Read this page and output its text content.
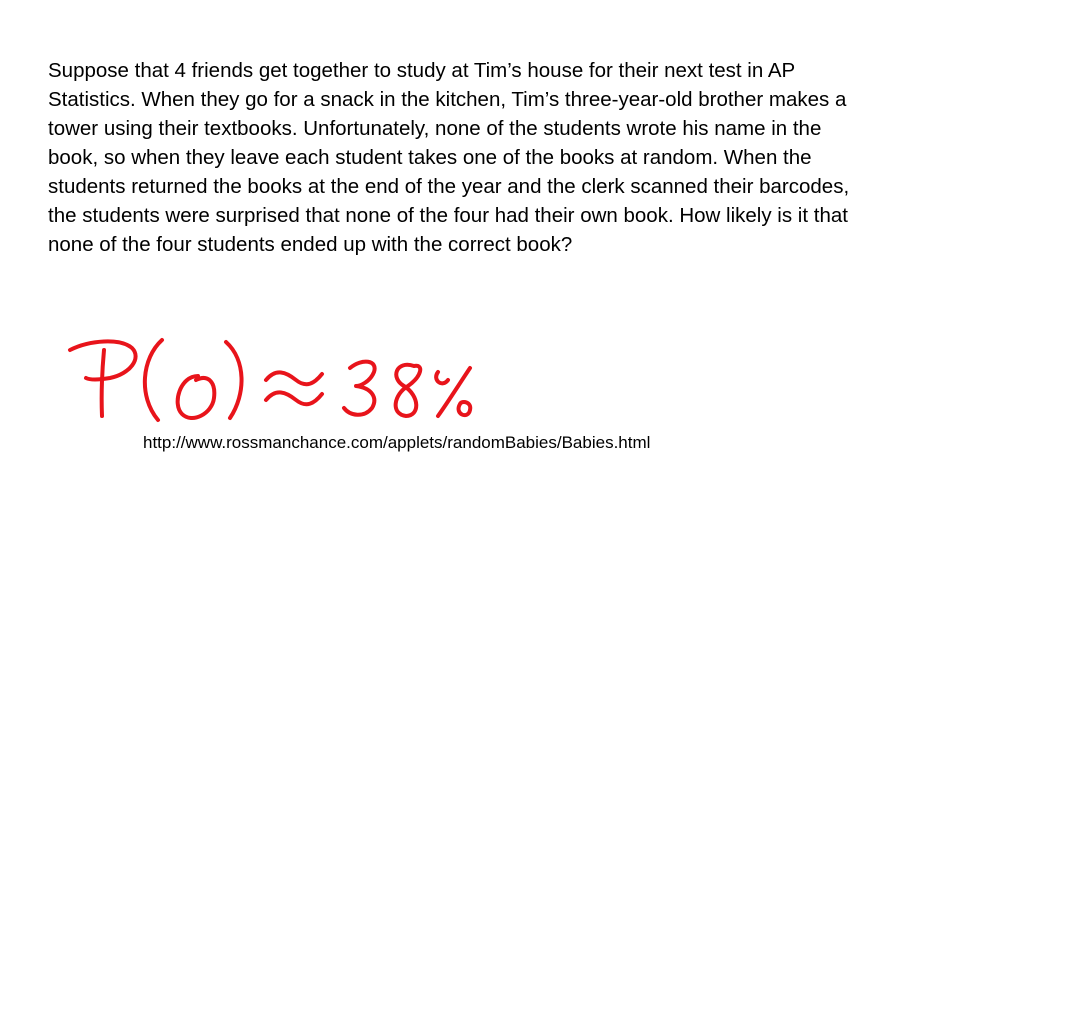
Suppose that 4 friends get together to study at Tim’s house for their next test in AP
Statistics. When they go for a snack in the kitchen, Tim’s three-year-old brother makes a
tower using their textbooks. Unfortunately, none of the students wrote his name in the
book, so when they leave each student takes one of the books at random. When the
students returned the books at the end of the year and the clerk scanned their barcodes,
the students were surprised that none of the four had their own book. How likely is it that
none of the four students ended up with the correct book?

http://www.rossmanchance.com/applets/randomBabies/Babies.html
